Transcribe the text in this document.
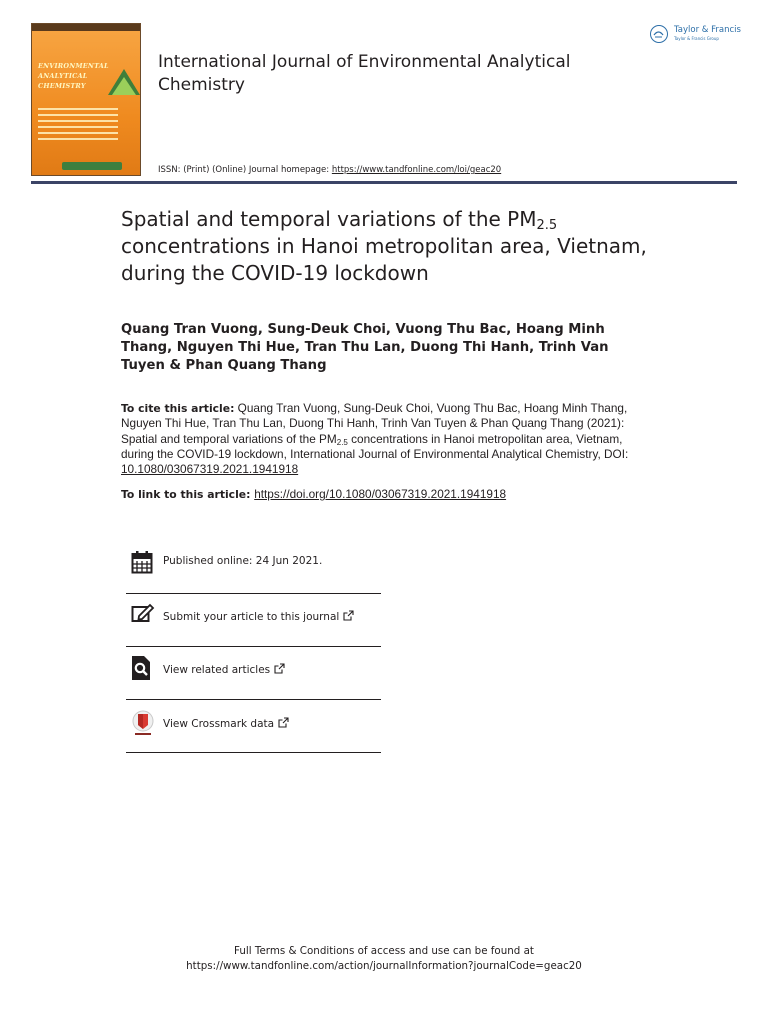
ENVIRONMENTAL
ANALYTICAL
CHEMISTRY
International Journal of Environmental Analytical Chemistry
ISSN: (Print) (Online) Journal homepage: https://www.tandfonline.com/loi/geac20
Taylor & Francis
Taylor & Francis Group
Spatial and temporal variations of the $PM_{2.5}$ concentrations in Hanoi metropolitan area, Vietnam, during the COVID-19 lockdown
Quang Tran Vuong, Sung-Deuk Choi, Vuong Thu Bac, Hoang Minh Thang, Nguyen Thi Hue, Tran Thu Lan, Duong Thi Hanh, Trinh Van Tuyen & Phan Quang Thang
To cite this article: Quang Tran Vuong, Sung-Deuk Choi, Vuong Thu Bac, Hoang Minh Thang, Nguyen Thi Hue, Tran Thu Lan, Duong Thi Hanh, Trinh Van Tuyen & Phan Quang Thang (2021): Spatial and temporal variations of the $PM_{2.5}$ concentrations in Hanoi metropolitan area, Vietnam, during the COVID-19 lockdown, International Journal of Environmental Analytical Chemistry, DOI: 10.1080/03067319.2021.1941918
To link to this article: https://doi.org/10.1080/03067319.2021.1941918
Published online: 24 Jun 2021.
Submit your article to this journal
View related articles
View Crossmark data
Full Terms & Conditions of access and use can be found at
https://www.tandfonline.com/action/journalInformation?journalCode=geac20
